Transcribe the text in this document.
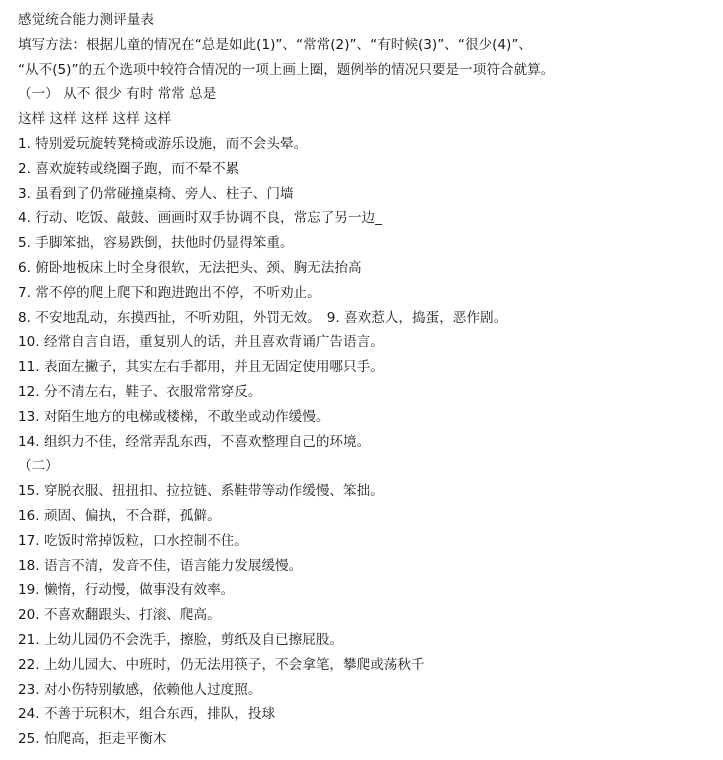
感觉统合能力测评量表
填写方法：根据儿童的情况在“总是如此(1)”、“常常(2)”、“有时候(3)”、“很少(4)”、
“从不(5)”的五个选项中较符合情况的一项上画上圈，题例举的情况只要是一项符合就算。
（一） 从不 很少 有时 常常 总是
这样 这样 这样 这样 这样
1. 特别爱玩旋转凳椅或游乐设施，而不会头晕。
2. 喜欢旋转或绕圈子跑，而不晕不累
3. 虽看到了仍常碰撞桌椅、旁人、柱子、门墙
4. 行动、吃饭、敲鼓、画画时双手协调不良，常忘了另一边_
5. 手脚笨拙，容易跌倒，扶他时仍显得笨重。
6. 俯卧地板床上时全身很软，无法把头、颈、胸无法抬高
7. 常不停的爬上爬下和跑进跑出不停，不听劝止。
8. 不安地乱动，东摸西扯，不听劝阻，外罚无效。 9. 喜欢惹人，捣蛋，恶作剧。
10. 经常自言自语，重复别人的话，并且喜欢背诵广告语言。
11. 表面左撇子，其实左右手都用，并且无固定使用哪只手。
12. 分不清左右，鞋子、衣服常常穿反。
13. 对陌生地方的电梯或楼梯，不敢坐或动作缓慢。
14. 组织力不佳，经常弄乱东西，不喜欢整理自己的环境。
（二）
15. 穿脱衣服、扭扭扣、拉拉链、系鞋带等动作缓慢、笨拙。
16. 顽固、偏执，不合群，孤僻。
17. 吃饭时常掉饭粒，口水控制不住。
18. 语言不清，发音不佳，语言能力发展缓慢。
19. 懒惰，行动慢，做事没有效率。
20. 不喜欢翻跟头、打滚、爬高。
21. 上幼儿园仍不会洗手，擦脸，剪纸及自已擦屁股。
22. 上幼儿园大、中班时，仍无法用筷子，不会拿笔，攀爬或荡秋千
23. 对小伤特别敏感，依赖他人过度照。
24. 不善于玩积木，组合东西，排队，投球
25. 怕爬高，拒走平衡木
